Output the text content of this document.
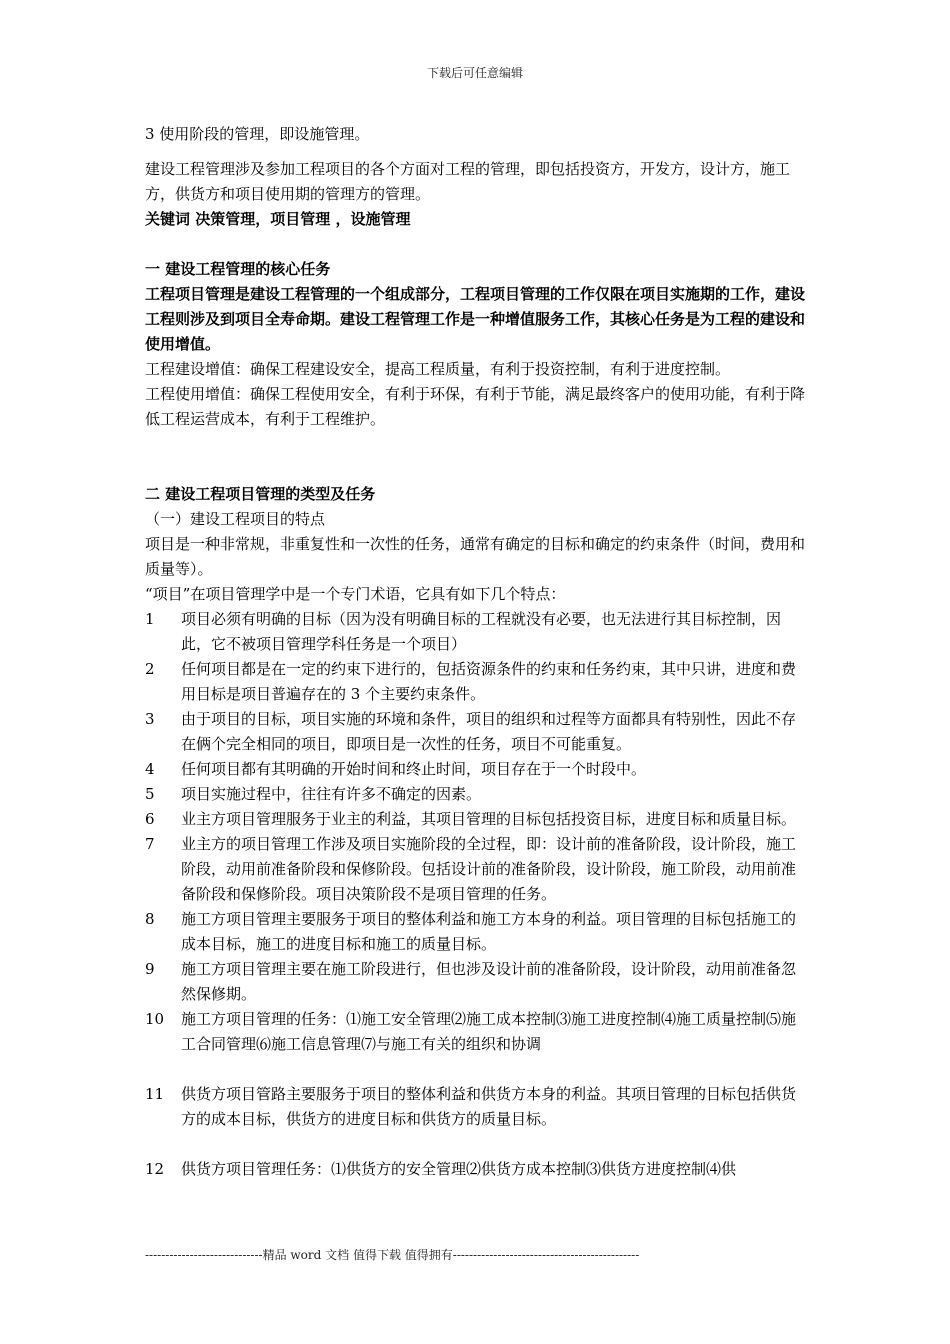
下载后可任意编辑

3 使用阶段的管理，即设施管理。

建设工程管理涉及参加工程项目的各个方面对工程的管理，即包括投资方，开发方，设计方，施工方，供货方和项目使用期的管理方的管理。

关键词 决策管理，项目管理 ，设施管理

一 建设工程管理的核心任务

工程项目管理是建设工程管理的一个组成部分，工程项目管理的工作仅限在项目实施期的工作，建设工程则涉及到项目全寿命期。建设工程管理工作是一种增值服务工作，其核心任务是为工程的建设和使用增值。

工程建设增值：确保工程建设安全，提高工程质量，有利于投资控制，有利于进度控制。

工程使用增值：确保工程使用安全，有利于环保，有利于节能，满足最终客户的使用功能，有利于降低工程运营成本，有利于工程维护。

二 建设工程项目管理的类型及任务

（一）建设工程项目的特点

项目是一种非常规，非重复性和一次性的任务，通常有确定的目标和确定的约束条件（时间，费用和质量等）。

“项目”在项目管理学中是一个专门术语，它具有如下几个特点：

1	项目必须有明确的目标（因为没有明确目标的工程就没有必要，也无法进行其目标控制，因此，它不被项目管理学科任务是一个项目）
2	任何项目都是在一定的约束下进行的，包括资源条件的约束和任务约束，其中只讲，进度和费用目标是项目普遍存在的 3 个主要约束条件。
3	由于项目的目标，项目实施的环境和条件，项目的组织和过程等方面都具有特别性，因此不存在俩个完全相同的项目，即项目是一次性的任务，项目不可能重复。
4	任何项目都有其明确的开始时间和终止时间，项目存在于一个时段中。
5	项目实施过程中，往往有许多不确定的因素。
6	业主方项目管理服务于业主的利益，其项目管理的目标包括投资目标，进度目标和质量目标。
7	业主方的项目管理工作涉及项目实施阶段的全过程，即：设计前的准备阶段，设计阶段，施工阶段，动用前准备阶段和保修阶段。包括设计前的准备阶段，设计阶段，施工阶段，动用前准备阶段和保修阶段。项目决策阶段不是项目管理的任务。
8	施工方项目管理主要服务于项目的整体利益和施工方本身的利益。项目管理的目标包括施工的成本目标，施工的进度目标和施工的质量目标。
9	施工方项目管理主要在施工阶段进行，但也涉及设计前的准备阶段，设计阶段，动用前准备忽然保修期。
10	施工方项目管理的任务：⑴施工安全管理⑵施工成本控制⑶施工进度控制⑷施工质量控制⑸施工合同管理⑹施工信息管理⑺与施工有关的组织和协调
11	供货方项目管路主要服务于项目的整体利益和供货方本身的利益。其项目管理的目标包括供货方的成本目标，供货方的进度目标和供货方的质量目标。
12	供货方项目管理任务：⑴供货方的安全管理⑵供货方成本控制⑶供货方进度控制⑷供
-----------------------------精品 word 文档 值得下载 值得拥有----------------------------------------------
